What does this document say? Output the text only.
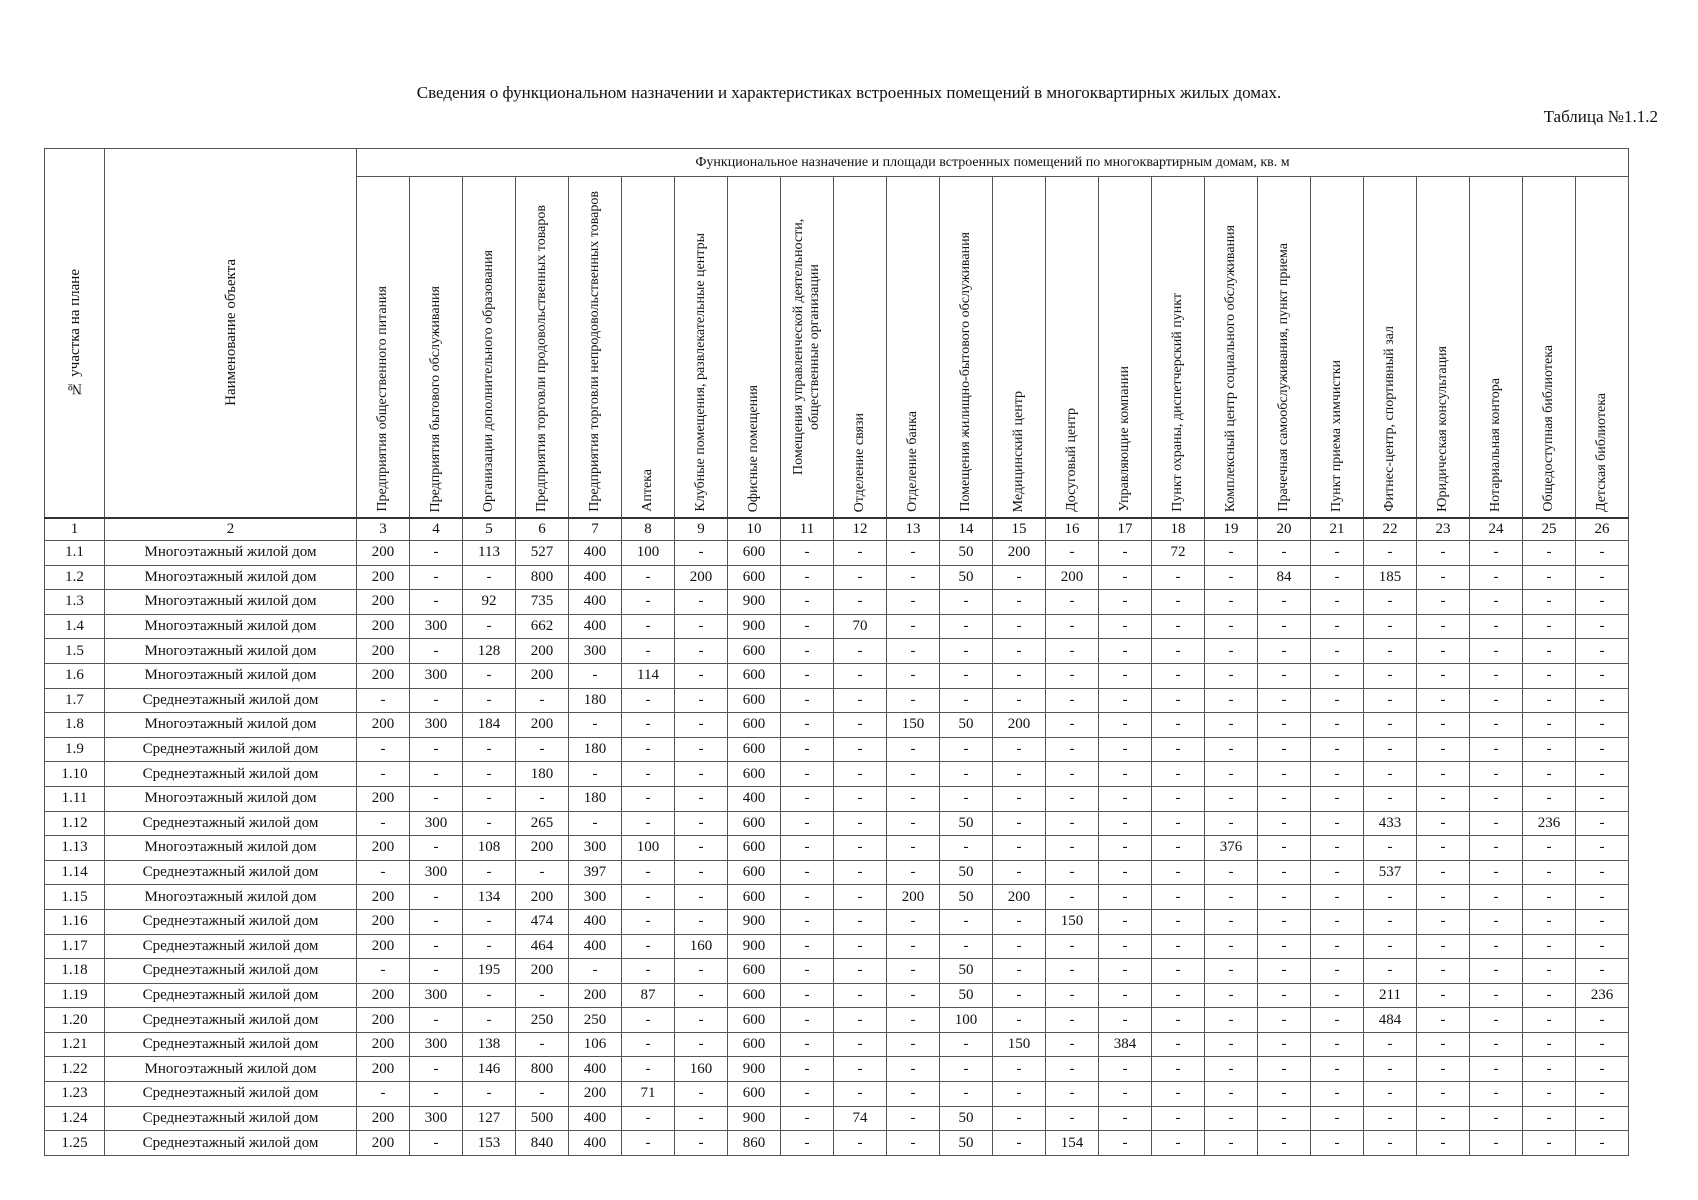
Сведения о функциональном назначении и характеристиках встроенных помещений в многоквартирных жилых домах.
Таблица №1.1.2
№ участка на плане	Наименование объекта	Функциональное назначение и площади встроенных помещений по многоквартирным домам, кв. м																							
		Предприятия общественного питания	Предприятия бытового обслуживания	Организации дополнительного образования	Предприятия торговли продовольственных товаров	Предприятия торговли непродовольственных товаров	Аптека	Клубные помещения, развлекательные центры	Офисные помещения	Помещения управленческой деятельности, общественные организации	Отделение связи	Отделение банка	Помещения жилищно-бытового обслуживания	Медицинский центр	Досуговый центр	Управляющие компании	Пункт охраны, диспетчерский пункт	Комплексный центр социального обслуживания	Прачечная самообслуживания, пункт приема	Пункт приема химчистки	Фитнес-центр, спортивный зал	Юридическая консультация	Нотариальная контора	Общедоступная библиотека	Детская библиотека
1	2	3	4	5	6	7	8	9	10	11	12	13	14	15	16	17	18	19	20	21	22	23	24	25	26
1.1	Многоэтажный жилой дом	200	-	113	527	400	100	-	600	-	-	-	50	200	-	-	72	-	-	-	-	-	-	-	-
1.2	Многоэтажный жилой дом	200	-	-	800	400	-	200	600	-	-	-	50	-	200	-	-	-	84	-	185	-	-	-	-
1.3	Многоэтажный жилой дом	200	-	92	735	400	-	-	900	-	-	-	-	-	-	-	-	-	-	-	-	-	-	-	-
1.4	Многоэтажный жилой дом	200	300	-	662	400	-	-	900	-	70	-	-	-	-	-	-	-	-	-	-	-	-	-	-
1.5	Многоэтажный жилой дом	200	-	128	200	300	-	-	600	-	-	-	-	-	-	-	-	-	-	-	-	-	-	-	-
1.6	Многоэтажный жилой дом	200	300	-	200	-	114	-	600	-	-	-	-	-	-	-	-	-	-	-	-	-	-	-	-
1.7	Среднеэтажный жилой дом	-	-	-	-	180	-	-	600	-	-	-	-	-	-	-	-	-	-	-	-	-	-	-	-
1.8	Многоэтажный жилой дом	200	300	184	200	-	-	-	600	-	-	150	50	200	-	-	-	-	-	-	-	-	-	-	-
1.9	Среднеэтажный жилой дом	-	-	-	-	180	-	-	600	-	-	-	-	-	-	-	-	-	-	-	-	-	-	-	-
1.10	Среднеэтажный жилой дом	-	-	-	180	-	-	-	600	-	-	-	-	-	-	-	-	-	-	-	-	-	-	-	-
1.11	Многоэтажный жилой дом	200	-	-	-	180	-	-	400	-	-	-	-	-	-	-	-	-	-	-	-	-	-	-	-
1.12	Среднеэтажный жилой дом	-	300	-	265	-	-	-	600	-	-	-	50	-	-	-	-	-	-	-	433	-	-	236	-
1.13	Многоэтажный жилой дом	200	-	108	200	300	100	-	600	-	-	-	-	-	-	-	-	376	-	-	-	-	-	-	-
1.14	Среднеэтажный жилой дом	-	300	-	-	397	-	-	600	-	-	-	50	-	-	-	-	-	-	-	537	-	-	-	-
1.15	Многоэтажный жилой дом	200	-	134	200	300	-	-	600	-	-	200	50	200	-	-	-	-	-	-	-	-	-	-	-
1.16	Среднеэтажный жилой дом	200	-	-	474	400	-	-	900	-	-	-	-	-	150	-	-	-	-	-	-	-	-	-	-
1.17	Среднеэтажный жилой дом	200	-	-	464	400	-	160	900	-	-	-	-	-	-	-	-	-	-	-	-	-	-	-	-
1.18	Среднеэтажный жилой дом	-	-	195	200	-	-	-	600	-	-	-	50	-	-	-	-	-	-	-	-	-	-	-	-
1.19	Среднеэтажный жилой дом	200	300	-	-	200	87	-	600	-	-	-	50	-	-	-	-	-	-	-	211	-	-	-	236
1.20	Среднеэтажный жилой дом	200	-	-	250	250	-	-	600	-	-	-	100	-	-	-	-	-	-	-	484	-	-	-	-
1.21	Среднеэтажный жилой дом	200	300	138	-	106	-	-	600	-	-	-	-	150	-	384	-	-	-	-	-	-	-	-	-
1.22	Многоэтажный жилой дом	200	-	146	800	400	-	160	900	-	-	-	-	-	-	-	-	-	-	-	-	-	-	-	-
1.23	Среднеэтажный жилой дом	-	-	-	-	200	71	-	600	-	-	-	-	-	-	-	-	-	-	-	-	-	-	-	-
1.24	Среднеэтажный жилой дом	200	300	127	500	400	-	-	900	-	74	-	50	-	-	-	-	-	-	-	-	-	-	-	-
1.25	Среднеэтажный жилой дом	200	-	153	840	400	-	-	860	-	-	-	50	-	154	-	-	-	-	-	-	-	-	-	-
